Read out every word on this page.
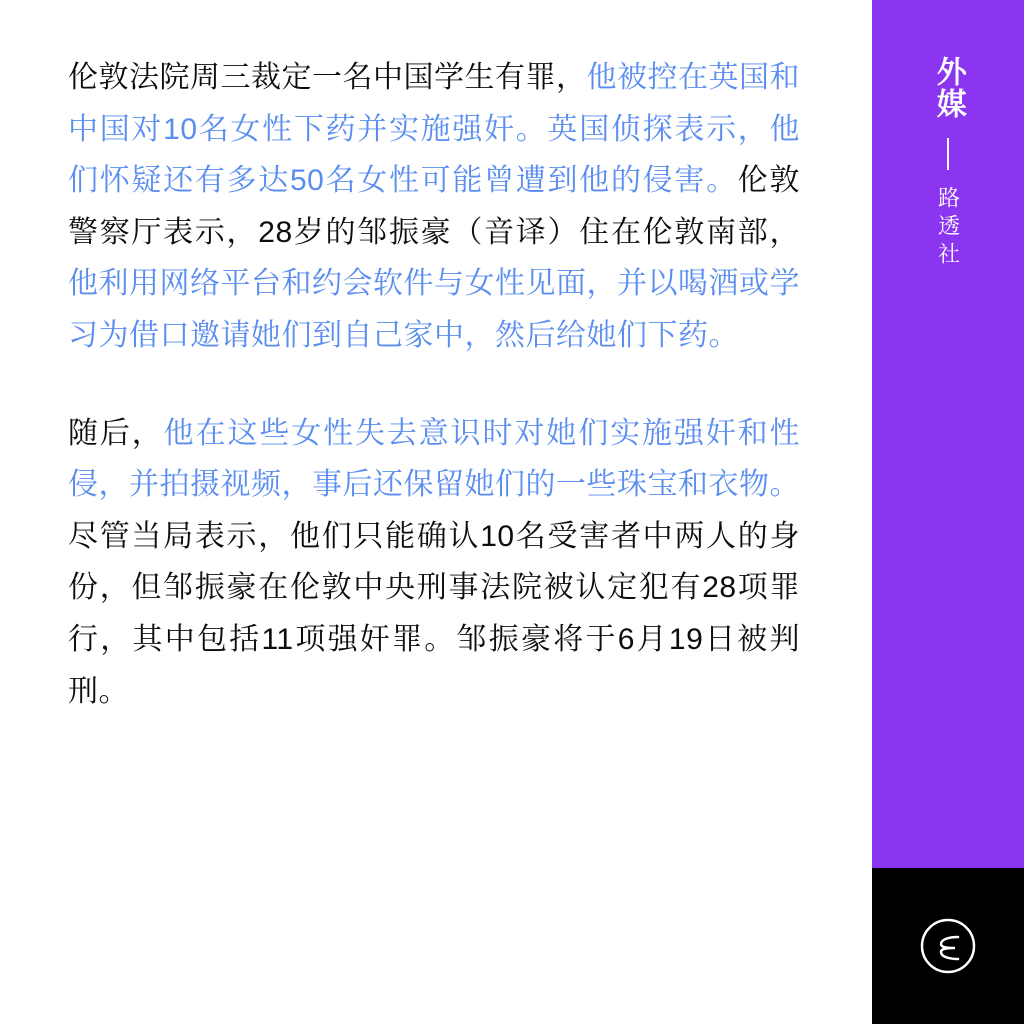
伦敦法院周三裁定一名中国学生有罪，他被控在英国和中国对10名女性下药并实施强奸。英国侦探表示，他们怀疑还有多达50名女性可能曾遭到他的侵害。伦敦警察厅表示，28岁的邹振豪（音译）住在伦敦南部，他利用网络平台和约会软件与女性见面，并以喝酒或学习为借口邀请她们到自己家中，然后给她们下药。

随后，他在这些女性失去意识时对她们实施强奸和性侵，并拍摄视频，事后还保留她们的一些珠宝和衣物。尽管当局表示，他们只能确认10名受害者中两人的身份，但邹振豪在伦敦中央刑事法院被认定犯有28项罪行，其中包括11项强奸罪。邹振豪将于6月19日被判刑。

外媒
路透社
